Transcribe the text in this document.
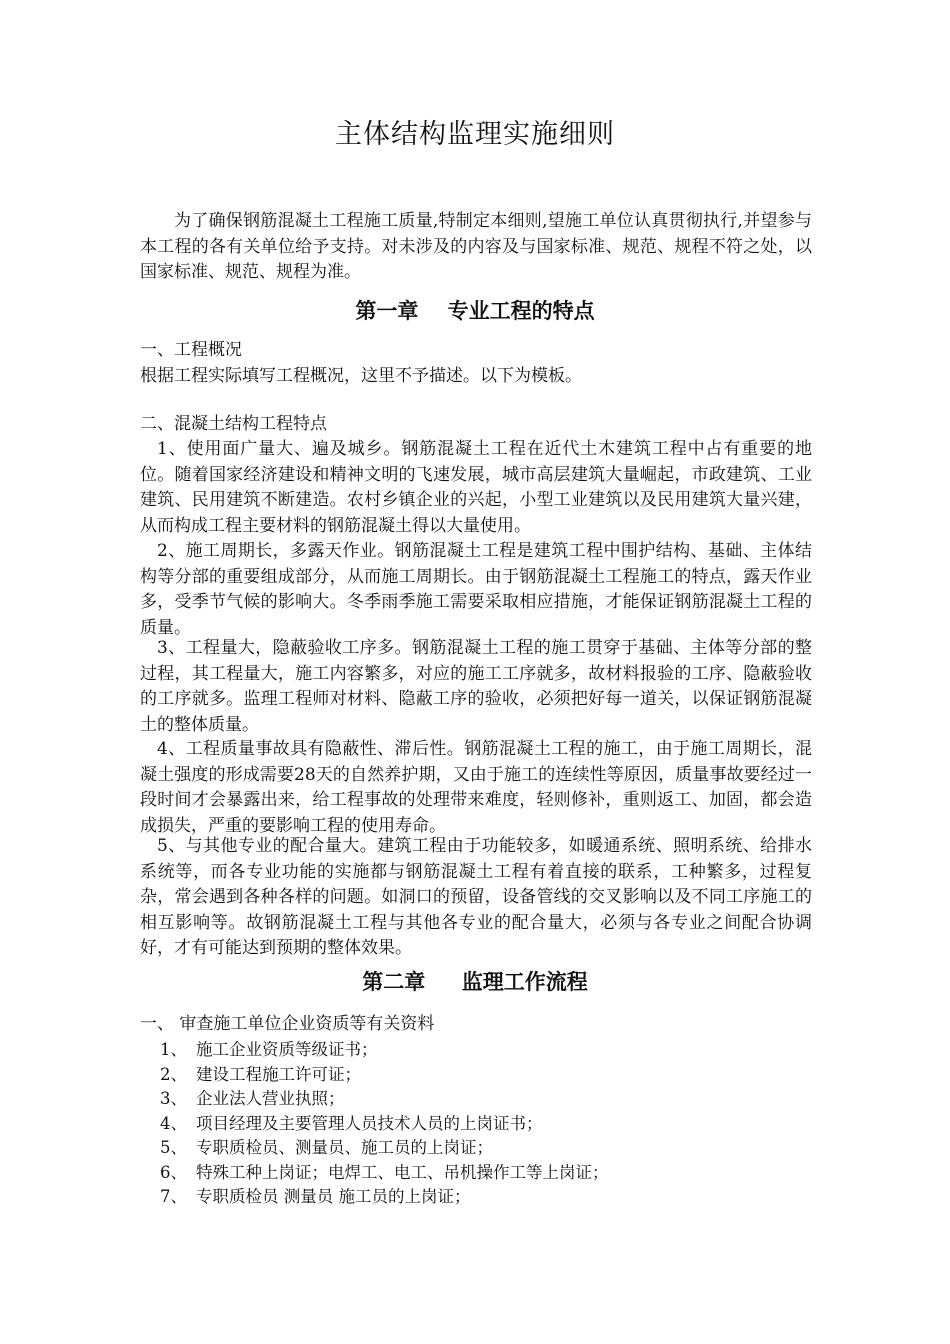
主体结构监理实施细则

为了确保钢筋混凝土工程施工质量,特制定本细则,望施工单位认真贯彻执行,并望参与本工程的各有关单位给予支持。对未涉及的内容及与国家标准、规范、规程不符之处，以国家标准、规范、规程为准。

第一章    专业工程的特点

一、工程概况

根据工程实际填写工程概况，这里不予描述。以下为模板。

二、混凝土结构工程特点

1、使用面广量大、遍及城乡。钢筋混凝土工程在近代土木建筑工程中占有重要的地位。随着国家经济建设和精神文明的飞速发展，城市高层建筑大量崛起，市政建筑、工业建筑、民用建筑不断建造。农村乡镇企业的兴起，小型工业建筑以及民用建筑大量兴建，从而构成工程主要材料的钢筋混凝土得以大量使用。

2、施工周期长，多露天作业。钢筋混凝土工程是建筑工程中围护结构、基础、主体结构等分部的重要组成部分，从而施工周期长。由于钢筋混凝土工程施工的特点，露天作业多，受季节气候的影响大。冬季雨季施工需要采取相应措施，才能保证钢筋混凝土工程的质量。

3、工程量大，隐蔽验收工序多。钢筋混凝土工程的施工贯穿于基础、主体等分部的整过程，其工程量大，施工内容繁多，对应的施工工序就多，故材料报验的工序、隐蔽验收的工序就多。监理工程师对材料、隐蔽工序的验收，必须把好每一道关，以保证钢筋混凝土的整体质量。

4、工程质量事故具有隐蔽性、滞后性。钢筋混凝土工程的施工，由于施工周期长，混凝土强度的形成需要28天的自然养护期，又由于施工的连续性等原因，质量事故要经过一段时间才会暴露出来，给工程事故的处理带来难度，轻则修补，重则返工、加固，都会造成损失，严重的要影响工程的使用寿命。

5、与其他专业的配合量大。建筑工程由于功能较多，如暖通系统、照明系统、给排水系统等，而各专业功能的实施都与钢筋混凝土工程有着直接的联系，工种繁多，过程复杂，常会遇到各种各样的问题。如洞口的预留，设备管线的交叉影响以及不同工序施工的相互影响等。故钢筋混凝土工程与其他各专业的配合量大，必须与各专业之间配合协调好，才有可能达到预期的整体效果。

第二章     监理工作流程

一、 审查施工单位企业资质等有关资料

1、 施工企业资质等级证书；
2、 建设工程施工许可证；
3、 企业法人营业执照；
4、 项目经理及主要管理人员技术人员的上岗证书；
5、 专职质检员、测量员、施工员的上岗证；
6、 特殊工种上岗证；电焊工、电工、吊机操作工等上岗证；
7、 专职质检员 测量员 施工员的上岗证；
